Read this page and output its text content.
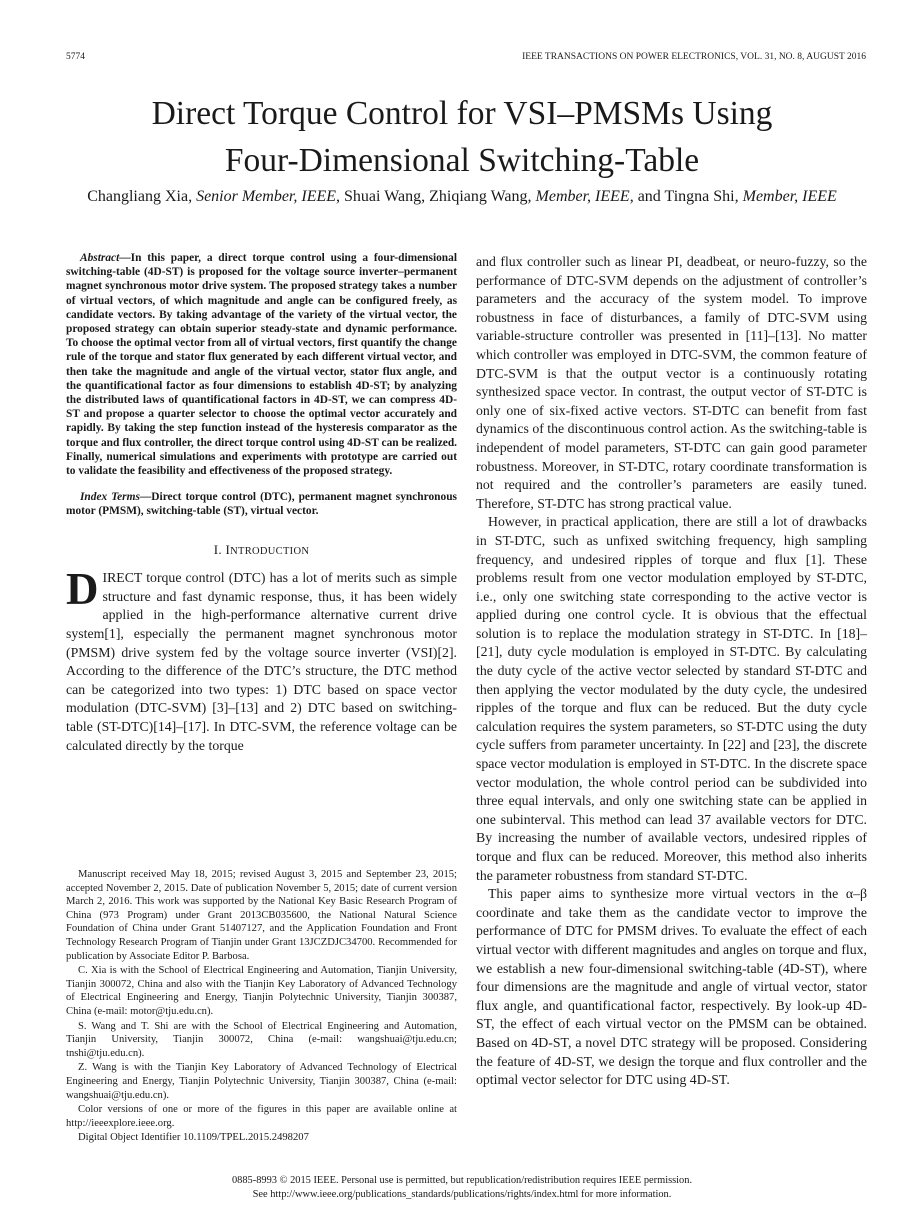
5774	IEEE TRANSACTIONS ON POWER ELECTRONICS, VOL. 31, NO. 8, AUGUST 2016
Direct Torque Control for VSI–PMSMs Using
Four-Dimensional Switching-Table
Changliang Xia, Senior Member, IEEE, Shuai Wang, Zhiqiang Wang, Member, IEEE, and Tingna Shi, Member, IEEE

Abstract—In this paper, a direct torque control using a four-dimensional switching-table (4D-ST) is proposed for the voltage source inverter–permanent magnet synchronous motor drive system. The proposed strategy takes a number of virtual vectors, of which magnitude and angle can be configured freely, as candidate vectors. By taking advantage of the variety of the virtual vector, the proposed strategy can obtain superior steady-state and dynamic performance. To choose the optimal vector from all of virtual vectors, first quantify the change rule of the torque and stator flux generated by each different virtual vector, and then take the magnitude and angle of the virtual vector, stator flux angle, and the quantificational factor as four dimensions to establish 4D-ST; by analyzing the distributed laws of quantificational factors in 4D-ST, we can compress 4D-ST and propose a quarter selector to choose the optimal vector accurately and rapidly. By taking the step function instead of the hysteresis comparator as the torque and flux controller, the direct torque control using 4D-ST can be realized. Finally, numerical simulations and experiments with prototype are carried out to validate the feasibility and effectiveness of the proposed strategy.

Index Terms—Direct torque control (DTC), permanent magnet synchronous motor (PMSM), switching-table (ST), virtual vector.

I. INTRODUCTION

DIRECT torque control (DTC) has a lot of merits such as simple structure and fast dynamic response, thus, it has been widely applied in the high-performance alternative current drive system[1], especially the permanent magnet synchronous motor (PMSM) drive system fed by the voltage source inverter (VSI)[2]. According to the difference of the DTC’s structure, the DTC method can be categorized into two types: 1) DTC based on space vector modulation (DTC-SVM) [3]–[13] and 2) DTC based on switching-table (ST-DTC)[14]–[17]. In DTC-SVM, the reference voltage can be calculated directly by the torque

Manuscript received May 18, 2015; revised August 3, 2015 and September 23, 2015; accepted November 2, 2015. Date of publication November 5, 2015; date of current version March 2, 2016. This work was supported by the National Key Basic Research Program of China (973 Program) under Grant 2013CB035600, the National Natural Science Foundation of China under Grant 51407127, and the Application Foundation and Front Technology Research Program of Tianjin under Grant 13JCZDJC34700. Recommended for publication by Associate Editor P. Barbosa.

C. Xia is with the School of Electrical Engineering and Automation, Tianjin University, Tianjin 300072, China and also with the Tianjin Key Laboratory of Advanced Technology of Electrical Engineering and Energy, Tianjin Polytechnic University, Tianjin 300387, China (e-mail: motor@tju.edu.cn).

S. Wang and T. Shi are with the School of Electrical Engineering and Automation, Tianjin University, Tianjin 300072, China (e-mail: wangshuai@tju.edu.cn; tnshi@tju.edu.cn).

Z. Wang is with the Tianjin Key Laboratory of Advanced Technology of Electrical Engineering and Energy, Tianjin Polytechnic University, Tianjin 300387, China (e-mail: wangshuai@tju.edu.cn).

Color versions of one or more of the figures in this paper are available online at http://ieeexplore.ieee.org.

Digital Object Identifier 10.1109/TPEL.2015.2498207

and flux controller such as linear PI, deadbeat, or neuro-fuzzy, so the performance of DTC-SVM depends on the adjustment of controller’s parameters and the accuracy of the system model. To improve robustness in face of disturbances, a family of DTC-SVM using variable-structure controller was presented in [11]–[13]. No matter which controller was employed in DTC-SVM, the common feature of DTC-SVM is that the output vector is a continuously rotating synthesized space vector. In contrast, the output vector of ST-DTC is only one of six-fixed active vectors. ST-DTC can benefit from fast dynamics of the discontinuous control action. As the switching-table is independent of model parameters, ST-DTC can gain good parameter robustness. Moreover, in ST-DTC, rotary coordinate transformation is not required and the controller’s parameters are easily tuned. Therefore, ST-DTC has strong practical value.

However, in practical application, there are still a lot of drawbacks in ST-DTC, such as unfixed switching frequency, high sampling frequency, and undesired ripples of torque and flux [1]. These problems result from one vector modulation employed by ST-DTC, i.e., only one switching state corresponding to the active vector is applied during one control cycle. It is obvious that the effectual solution is to replace the modulation strategy in ST-DTC. In [18]–[21], duty cycle modulation is employed in ST-DTC. By calculating the duty cycle of the active vector selected by standard ST-DTC and then applying the vector modulated by the duty cycle, the undesired ripples of the torque and flux can be reduced. But the duty cycle calculation requires the system parameters, so ST-DTC using the duty cycle suffers from parameter uncertainty. In [22] and [23], the discrete space vector modulation is employed in ST-DTC. In the discrete space vector modulation, the whole control period can be subdivided into three equal intervals, and only one switching state can be applied in one subinterval. This method can lead 37 available vectors for DTC. By increasing the number of available vectors, undesired ripples of torque and flux can be reduced. Moreover, this method also inherits the parameter robustness from standard ST-DTC.

This paper aims to synthesize more virtual vectors in the α–β coordinate and take them as the candidate vector to improve the performance of DTC for PMSM drives. To evaluate the effect of each virtual vector with different magnitudes and angles on torque and flux, we establish a new four-dimensional switching-table (4D-ST), where four dimensions are the magnitude and angle of virtual vector, stator flux angle, and quantificational factor, respectively. By look-up 4D-ST, the effect of each virtual vector on the PMSM can be obtained. Based on 4D-ST, a novel DTC strategy will be proposed. Considering the feature of 4D-ST, we design the torque and flux controller and the optimal vector selector for DTC using 4D-ST.

0885-8993 © 2015 IEEE. Personal use is permitted, but republication/redistribution requires IEEE permission.
See http://www.ieee.org/publications_standards/publications/rights/index.html for more information.
